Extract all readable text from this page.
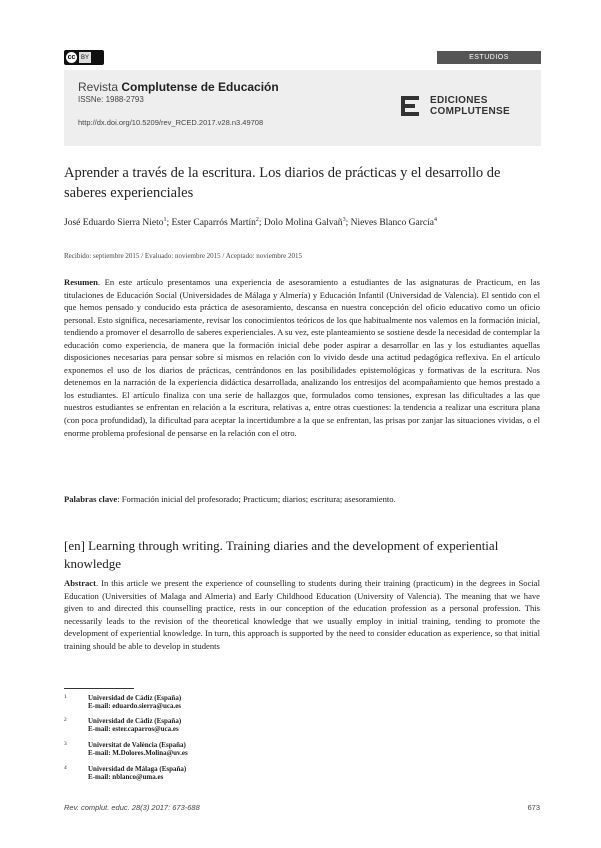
cc BY	ESTUDIOS
Revista Complutense de Educación
ISSNe: 1988-2793
http://dx.doi.org/10.5209/rev_RCED.2017.v28.n3.49708
EDICIONES
COMPLUTENSE
Aprender a través de la escritura. Los diarios de prácticas y el desarrollo de saberes experienciales
José Eduardo Sierra Nieto$^1$; Ester Caparrós Martín$^2$; Dolo Molina Galvañ$^3$; Nieves Blanco García$^4$
Recibido: septiembre 2015 / Evaluado: noviembre 2015 / Aceptado: noviembre 2015
Resumen. En este artículo presentamos una experiencia de asesoramiento a estudiantes de las asignaturas de Practicum, en las titulaciones de Educación Social (Universidades de Málaga y Almería) y Educación Infantil (Universidad de Valencia). El sentido con el que hemos pensado y conducido esta práctica de asesoramiento, descansa en nuestra concepción del oficio educativo como un oficio personal. Esto significa, necesariamente, revisar los conocimientos teóricos de los que habitualmente nos valemos en la formación inicial, tendiendo a promover el desarrollo de saberes experienciales. A su vez, este planteamiento se sostiene desde la necesidad de contemplar la educación como experiencia, de manera que la formación inicial debe poder aspirar a desarrollar en las y los estudiantes aquellas disposiciones necesarias para pensar sobre sí mismos en relación con lo vivido desde una actitud pedagógica reflexiva. En el artículo exponemos el uso de los diarios de prácticas, centrándonos en las posibilidades epistemológicas y formativas de la escritura. Nos detenemos en la narración de la experiencia didáctica desarrollada, analizando los entresijos del acompañamiento que hemos prestado a los estudiantes. El artículo finaliza con una serie de hallazgos que, formulados como tensiones, expresan las dificultades a las que nuestros estudiantes se enfrentan en relación a la escritura, relativas a, entre otras cuestiones: la tendencia a realizar una escritura plana (con poca profundidad), la dificultad para aceptar la incertidumbre a la que se enfrentan, las prisas por zanjar las situaciones vividas, o el enorme problema profesional de pensarse en la relación con el otro.
Palabras clave: Formación inicial del profesorado; Practicum; diarios; escritura; asesoramiento.
[en] Learning through writing. Training diaries and the development of experiential knowledge
Abstract. In this article we present the experience of counselling to students during their training (practicum) in the degrees in Social Education (Universities of Malaga and Almeria) and Early Childhood Education (University of Valencia). The meaning that we have given to and directed this counselling practice, rests in our conception of the education profession as a personal profession. This necessarily leads to the revision of the theoretical knowledge that we usually employ in initial training, tending to promote the development of experiential knowledge. In turn, this approach is supported by the need to consider education as experience, so that initial training should be able to develop in students
1	Universidad de Cádiz (España)
E-mail: eduardo.sierra@uca.es
2	Universidad de Cádiz (España)
E-mail: ester.caparros@uca.es
3	Universitat de València (España)
E-mail: M.Dolores.Molina@uv.es
4	Universidad de Málaga (España)
E-mail: nblanco@uma.es
Rev. complut. educ. 28(3) 2017: 673-688	673
